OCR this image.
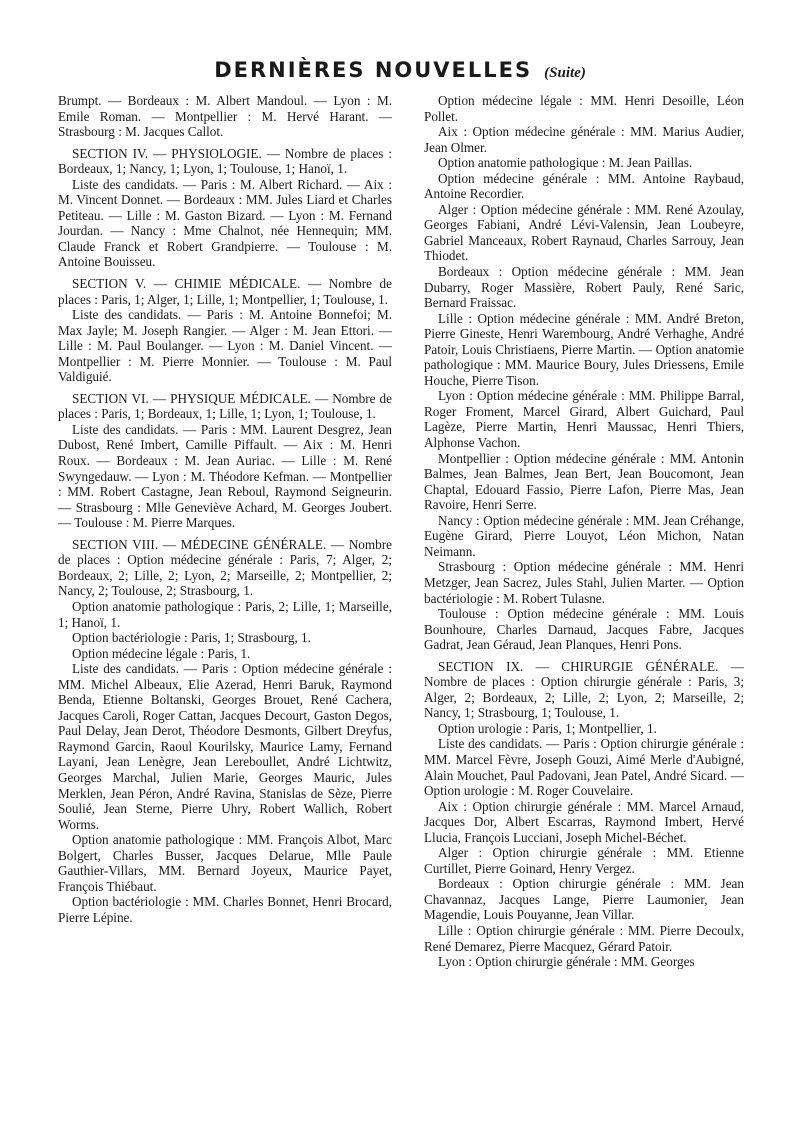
DERNIÈRES NOUVELLES (Suite)

Brumpt. — Bordeaux : M. Albert Mandoul. — Lyon : M. Emile Roman. — Montpellier : M. Hervé Harant. — Strasbourg : M. Jacques Callot.

SECTION IV. — PHYSIOLOGIE. — Nombre de places : Bordeaux, 1; Nancy, 1; Lyon, 1; Toulouse, 1; Hanoï, 1.

Liste des candidats. — Paris : M. Albert Richard. — Aix : M. Vincent Donnet. — Bordeaux : MM. Jules Liard et Charles Petiteau. — Lille : M. Gaston Bizard. — Lyon : M. Fernand Jourdan. — Nancy : Mme Chalnot, née Hennequin; MM. Claude Franck et Robert Grandpierre. — Toulouse : M. Antoine Bouisseu.

SECTION V. — CHIMIE MÉDICALE. — Nombre de places : Paris, 1; Alger, 1; Lille, 1; Montpellier, 1; Toulouse, 1.

Liste des candidats. — Paris : M. Antoine Bonnefoi; M. Max Jayle; M. Joseph Rangier. — Alger : M. Jean Ettori. — Lille : M. Paul Boulanger. — Lyon : M. Daniel Vincent. — Montpellier : M. Pierre Monnier. — Toulouse : M. Paul Valdiguié.

SECTION VI. — PHYSIQUE MÉDICALE. — Nombre de places : Paris, 1; Bordeaux, 1; Lille, 1; Lyon, 1; Toulouse, 1.

Liste des candidats. — Paris : MM. Laurent Desgrez, Jean Dubost, René Imbert, Camille Piffault. — Aix : M. Henri Roux. — Bordeaux : M. Jean Auriac. — Lille : M. René Swyngedauw. — Lyon : M. Théodore Kefman. — Montpellier : MM. Robert Castagne, Jean Reboul, Raymond Seigneurin. — Strasbourg : Mlle Geneviève Achard, M. Georges Joubert. — Toulouse : M. Pierre Marques.

SECTION VIII. — MÉDECINE GÉNÉRALE. — Nombre de places : Option médecine générale : Paris, 7; Alger, 2; Bordeaux, 2; Lille, 2; Lyon, 2; Marseille, 2; Montpellier, 2; Nancy, 2; Toulouse, 2; Strasbourg, 1.

Option anatomie pathologique : Paris, 2; Lille, 1; Marseille, 1; Hanoï, 1.

Option bactériologie : Paris, 1; Strasbourg, 1.

Option médecine légale : Paris, 1.

Liste des candidats. — Paris : Option médecine générale : MM. Michel Albeaux, Elie Azerad, Henri Baruk, Raymond Benda, Etienne Boltanski, Georges Brouet, René Cachera, Jacques Caroli, Roger Cattan, Jacques Decourt, Gaston Degos, Paul Delay, Jean Derot, Théodore Desmonts, Gilbert Dreyfus, Raymond Garcin, Raoul Kourilsky, Maurice Lamy, Fernand Layani, Jean Lenègre, Jean Lereboullet, André Lichtwitz, Georges Marchal, Julien Marie, Georges Mauric, Jules Merklen, Jean Péron, André Ravina, Stanislas de Sèze, Pierre Soulié, Jean Sterne, Pierre Uhry, Robert Wallich, Robert Worms.

Option anatomie pathologique : MM. François Albot, Marc Bolgert, Charles Busser, Jacques Delarue, Mlle Paule Gauthier-Villars, MM. Bernard Joyeux, Maurice Payet, François Thiébaut.

Option bactériologie : MM. Charles Bonnet, Henri Brocard, Pierre Lépine.

Option médecine légale : MM. Henri Desoille, Léon Pollet.

Aix : Option médecine générale : MM. Marius Audier, Jean Olmer.

Option anatomie pathologique : M. Jean Paillas.

Option médecine générale : MM. Antoine Raybaud, Antoine Recordier.

Alger : Option médecine générale : MM. René Azoulay, Georges Fabiani, André Lévi-Valensin, Jean Loubeyre, Gabriel Manceaux, Robert Raynaud, Charles Sarrouy, Jean Thiodet.

Bordeaux : Option médecine générale : MM. Jean Dubarry, Roger Massière, Robert Pauly, René Saric, Bernard Fraissac.

Lille : Option médecine générale : MM. André Breton, Pierre Gineste, Henri Warembourg, André Verhaghe, André Patoir, Louis Christiaens, Pierre Martin. — Option anatomie pathologique : MM. Maurice Boury, Jules Driessens, Emile Houche, Pierre Tison.

Lyon : Option médecine générale : MM. Philippe Barral, Roger Froment, Marcel Girard, Albert Guichard, Paul Lagèze, Pierre Martin, Henri Maussac, Henri Thiers, Alphonse Vachon.

Montpellier : Option médecine générale : MM. Antonin Balmes, Jean Balmes, Jean Bert, Jean Boucomont, Jean Chaptal, Edouard Fassio, Pierre Lafon, Pierre Mas, Jean Ravoire, Henri Serre.

Nancy : Option médecine générale : MM. Jean Créhange, Eugène Girard, Pierre Louyot, Léon Michon, Natan Neimann.

Strasbourg : Option médecine générale : MM. Henri Metzger, Jean Sacrez, Jules Stahl, Julien Marter. — Option bactériologie : M. Robert Tulasne.

Toulouse : Option médecine générale : MM. Louis Bounhoure, Charles Darnaud, Jacques Fabre, Jacques Gadrat, Jean Géraud, Jean Planques, Henri Pons.

SECTION IX. — CHIRURGIE GÉNÉRALE. — Nombre de places : Option chirurgie générale : Paris, 3; Alger, 2; Bordeaux, 2; Lille, 2; Lyon, 2; Marseille, 2; Nancy, 1; Strasbourg, 1; Toulouse, 1.

Option urologie : Paris, 1; Montpellier, 1.

Liste des candidats. — Paris : Option chirurgie générale : MM. Marcel Fèvre, Joseph Gouzi, Aimé Merle d'Aubigné, Alain Mouchet, Paul Padovani, Jean Patel, André Sicard. — Option urologie : M. Roger Couvelaire.

Aix : Option chirurgie générale : MM. Marcel Arnaud, Jacques Dor, Albert Escarras, Raymond Imbert, Hervé Llucia, François Lucciani, Joseph Michel-Béchet.

Alger : Option chirurgie générale : MM. Etienne Curtillet, Pierre Goinard, Henry Vergez.

Bordeaux : Option chirurgie générale : MM. Jean Chavannaz, Jacques Lange, Pierre Laumonier, Jean Magendie, Louis Pouyanne, Jean Villar.

Lille : Option chirurgie générale : MM. Pierre Decoulx, René Demarez, Pierre Macquez, Gérard Patoir.

Lyon : Option chirurgie générale : MM. Georges
